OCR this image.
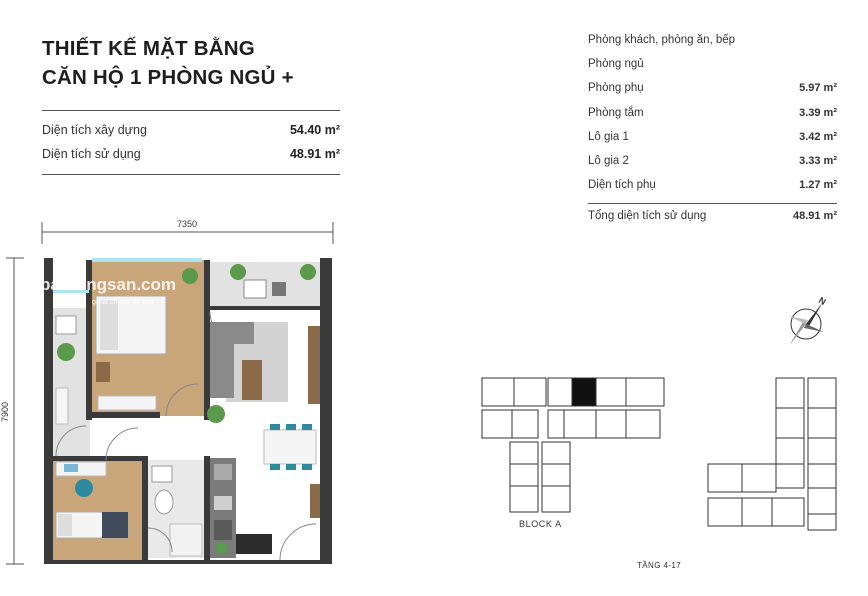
THIẾT KẾ MẶT BẰNG
CĂN HỘ 1 PHÒNG NGỦ +
Diện tích xây dựng	54.40 m²
Diện tích sử dụng	48.91 m²
Phòng khách, phòng ăn, bếp
Phòng ngủ
Phòng phụ	5.97 m²
Phòng tắm	3.39 m²
Lô gia 1	3.42 m²
Lô gia 2	3.33 m²
Diện tích phụ	1.27 m²
Tổng diện tích sử dụng	48.91 m²
7350
7900
batdongsan.com
great choice for you	N
BLOCK A
TẦNG 4-17
